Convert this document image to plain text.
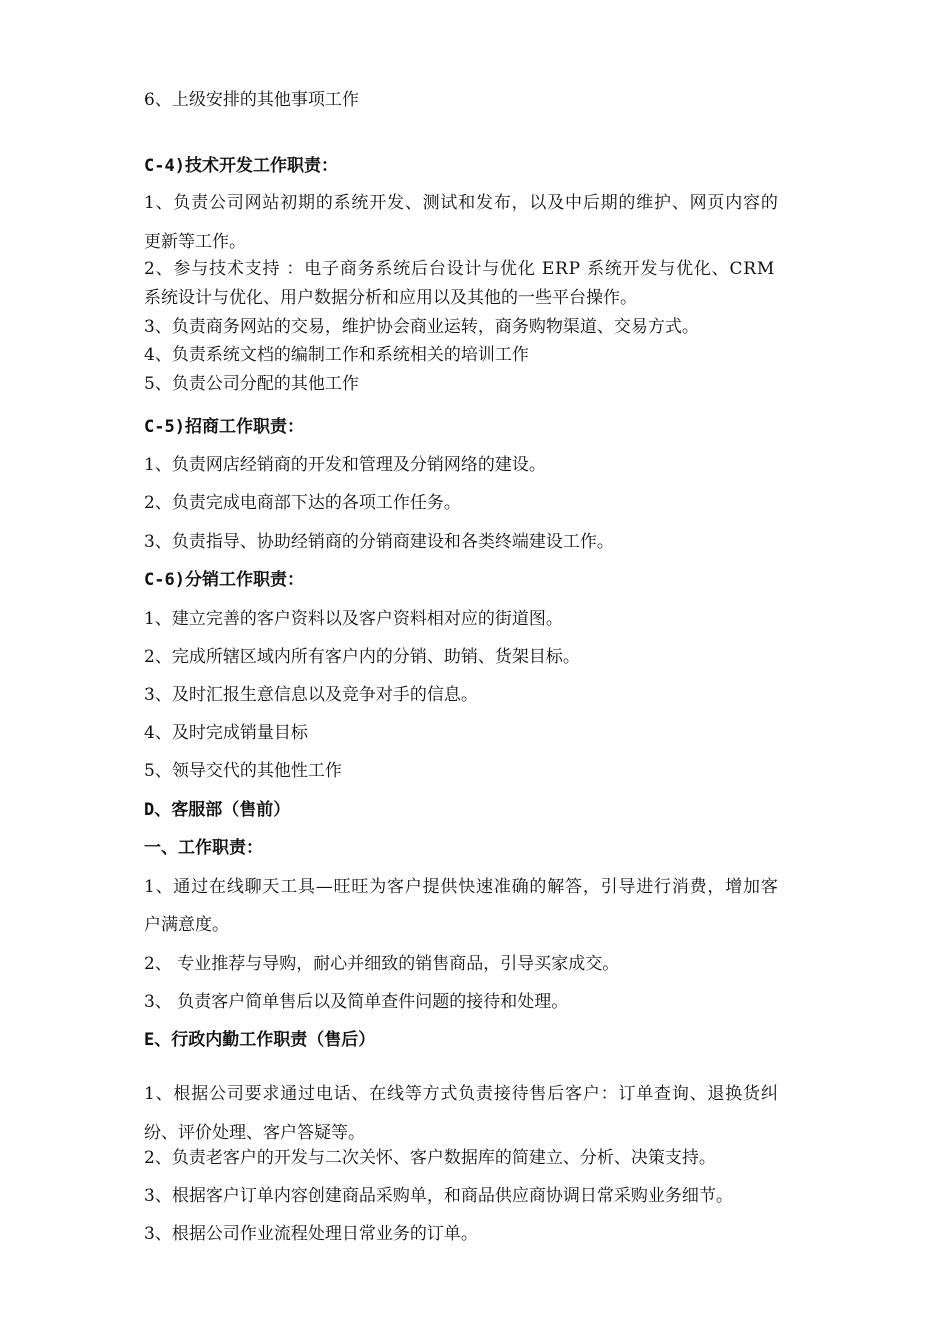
6、上级安排的其他事项工作

C-4)技术开发工作职责：

1、负责公司网站初期的系统开发、测试和发布，以及中后期的维护、网页内容的

更新等工作。

2、参与技术支持 ：电子商务系统后台设计与优化 ERP 系统开发与优化、CRM

系统设计与优化、用户数据分析和应用以及其他的一些平台操作。

3、负责商务网站的交易，维护协会商业运转，商务购物渠道、交易方式。

4、负责系统文档的编制工作和系统相关的培训工作

5、负责公司分配的其他工作

C-5)招商工作职责：

1、负责网店经销商的开发和管理及分销网络的建设。

2、负责完成电商部下达的各项工作任务。

3、负责指导、协助经销商的分销商建设和各类终端建设工作。

C-6)分销工作职责：

1、建立完善的客户资料以及客户资料相对应的街道图。

2、完成所辖区域内所有客户内的分销、助销、货架目标。

3、及时汇报生意信息以及竞争对手的信息。

4、及时完成销量目标

5、领导交代的其他性工作

D、客服部（售前）

一、工作职责：

1、通过在线聊天工具—旺旺为客户提供快速准确的解答，引导进行消费，增加客

户满意度。

2、 专业推荐与导购，耐心并细致的销售商品，引导买家成交。

3、 负责客户简单售后以及简单查件问题的接待和处理。

E、行政内勤工作职责（售后）

1、根据公司要求通过电话、在线等方式负责接待售后客户：订单查询、退换货纠

纷、评价处理、客户答疑等。

2、负责老客户的开发与二次关怀、客户数据库的简建立、分析、决策支持。

3、根据客户订单内容创建商品采购单，和商品供应商协调日常采购业务细节。

3、根据公司作业流程处理日常业务的订单。
